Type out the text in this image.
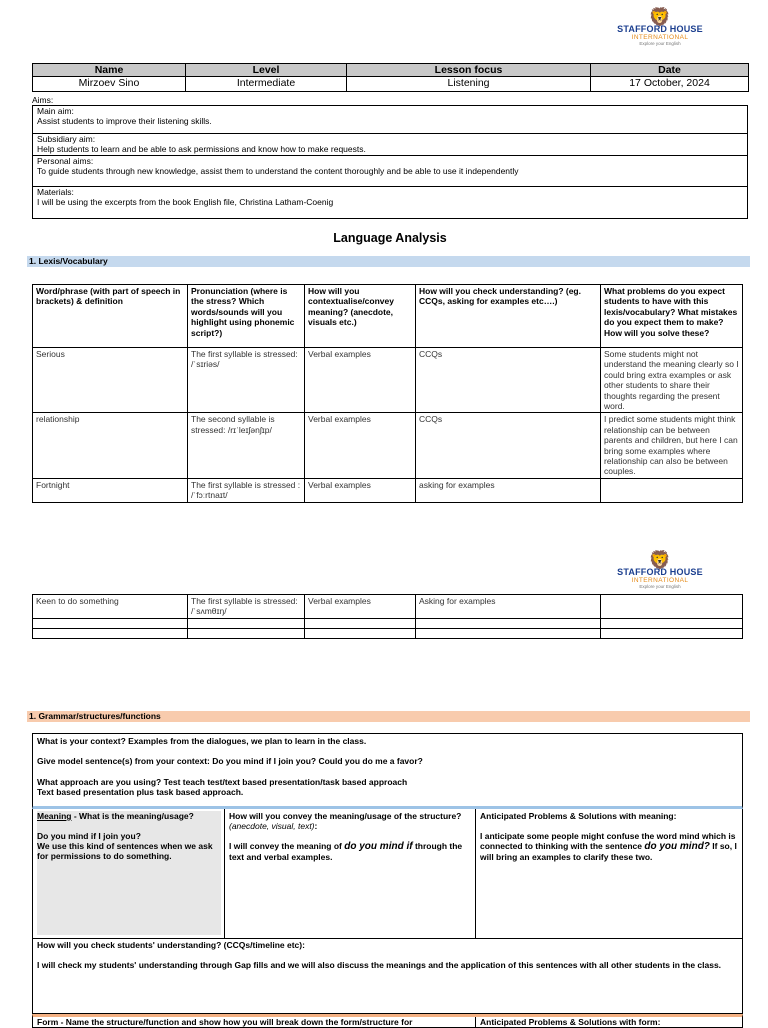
🦁
STAFFORD HOUSE
INTERNATIONAL
Explore your English
Name	Level	Lesson focus	Date
Mirzoev Sino	Intermediate	Listening	17 October, 2024
Aims:
Main aim:
Assist students to improve their listening skills.
Subsidiary aim:
Help students to learn and be able to ask permissions and know how to make requests.
Personal aims:
To guide students through new knowledge, assist them to understand the content thoroughly and be able to use it independently
Materials:
I will be using the excerpts from the book English file, Christina Latham-Coenig
Language Analysis
1. Lexis/Vocabulary
Word/phrase (with part of speech in brackets) & definition	Pronunciation (where is the stress? Which words/sounds will you highlight using phonemic script?)	How will you contextualise/convey meaning? (anecdote, visuals etc.)	How will you check understanding? (eg. CCQs, asking for examples etc….)	What problems do you expect students to have with this lexis/vocabulary? What mistakes do you expect them to make? How will you solve these?
Serious	The first syllable is stressed: /ˈsɪriəs/	Verbal examples	CCQs	Some students might not understand the meaning clearly so I could bring extra examples or ask other students to share their thoughts regarding the present word.
relationship	The second syllable is stressed: /rɪˈleɪʃənʃɪp/	Verbal examples	CCQs	I predict some students might think relationship can be between parents and children, but here I can bring some examples where relationship can also be between couples.
Fortnight	The first syllable is stressed : /ˈfɔːrtnaɪt/	Verbal examples	asking for examples	
🦁
STAFFORD HOUSE
INTERNATIONAL
Explore your English
Keen to do something	The first syllable is stressed: /ˈsʌmθɪŋ/	Verbal examples	Asking for examples	

1. Grammar/structures/functions

What is your context? Examples from the dialogues, we plan to learn in the class.

Give model sentence(s) from your context: Do you mind if I join you? Could you do me a favor?

What approach are you using? Test teach test/text based presentation/task based approach

Text based presentation plus task based approach.

Meaning - What is the meaning/usage?

Do you mind if I join you?

We use this kind of sentences when we ask for permissions to do something.

How will you convey the meaning/usage of the structure? (anecdote, visual, text):

I will convey the meaning of do you mind if through the text and verbal examples.

Anticipated Problems & Solutions with meaning:

I anticipate some people might confuse the word mind which is connected to thinking with the sentence do you mind? If so, I will bring an examples to clarify these two.

How will you check students' understanding? (CCQs/timeline etc):

I will check my students' understanding through Gap fills and we will also discuss the meanings and the application of this sentences with all other students in the class.

Form - Name the structure/function and show how you will break down the form/structure for	Anticipated Problems & Solutions with form:
